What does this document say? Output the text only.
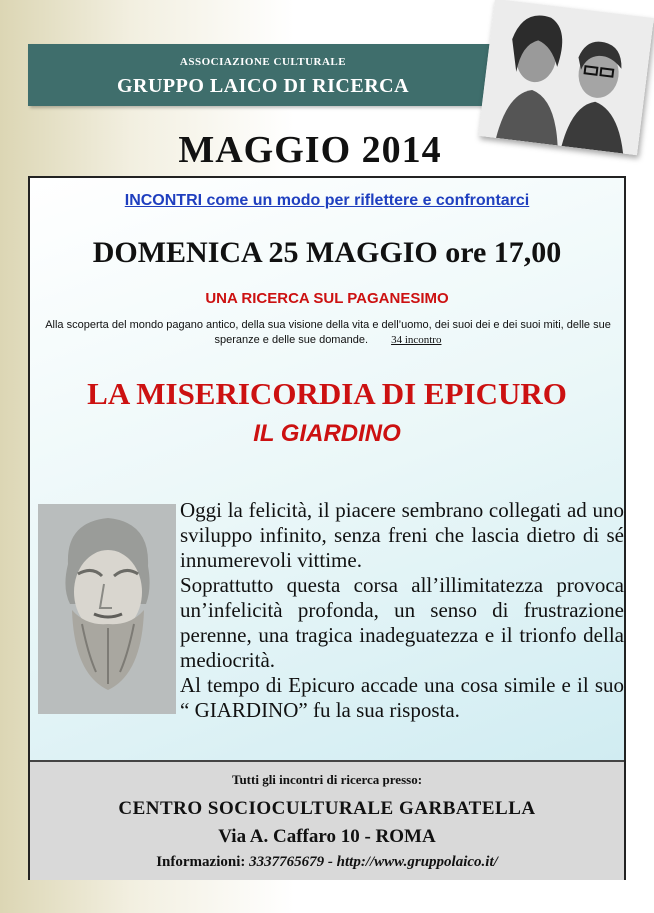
ASSOCIAZIONE CULTURALE
GRUPPO LAICO DI RICERCA
MAGGIO 2014
INCONTRI come un modo per riflettere e confrontarci
DOMENICA 25 MAGGIO ore 17,00
UNA RICERCA SUL PAGANESIMO
Alla scoperta del mondo pagano antico, della sua visione della vita e dell’uomo, dei suoi dei e dei suoi miti, delle sue speranze e delle sue domande. 34 incontro
LA MISERICORDIA DI EPICURO
IL GIARDINO

Oggi la felicità, il piacere sembrano collegati ad uno sviluppo infinito, senza freni che lascia dietro di sé innumerevoli vittime.

Soprattutto questa corsa all’illimitatezza provoca un’infelicità profonda, un senso di frustrazione perenne, una tragica inadeguatezza e il trionfo della mediocrità.

Al tempo di Epicuro accade una cosa simile e il suo “ GIARDINO” fu la sua risposta.

Tutti gli incontri di ricerca presso:
CENTRO SOCIOCULTURALE GARBATELLA
Via A. Caffaro 10 - ROMA
Informazioni: 3337765679 - http://www.gruppolaico.it/
